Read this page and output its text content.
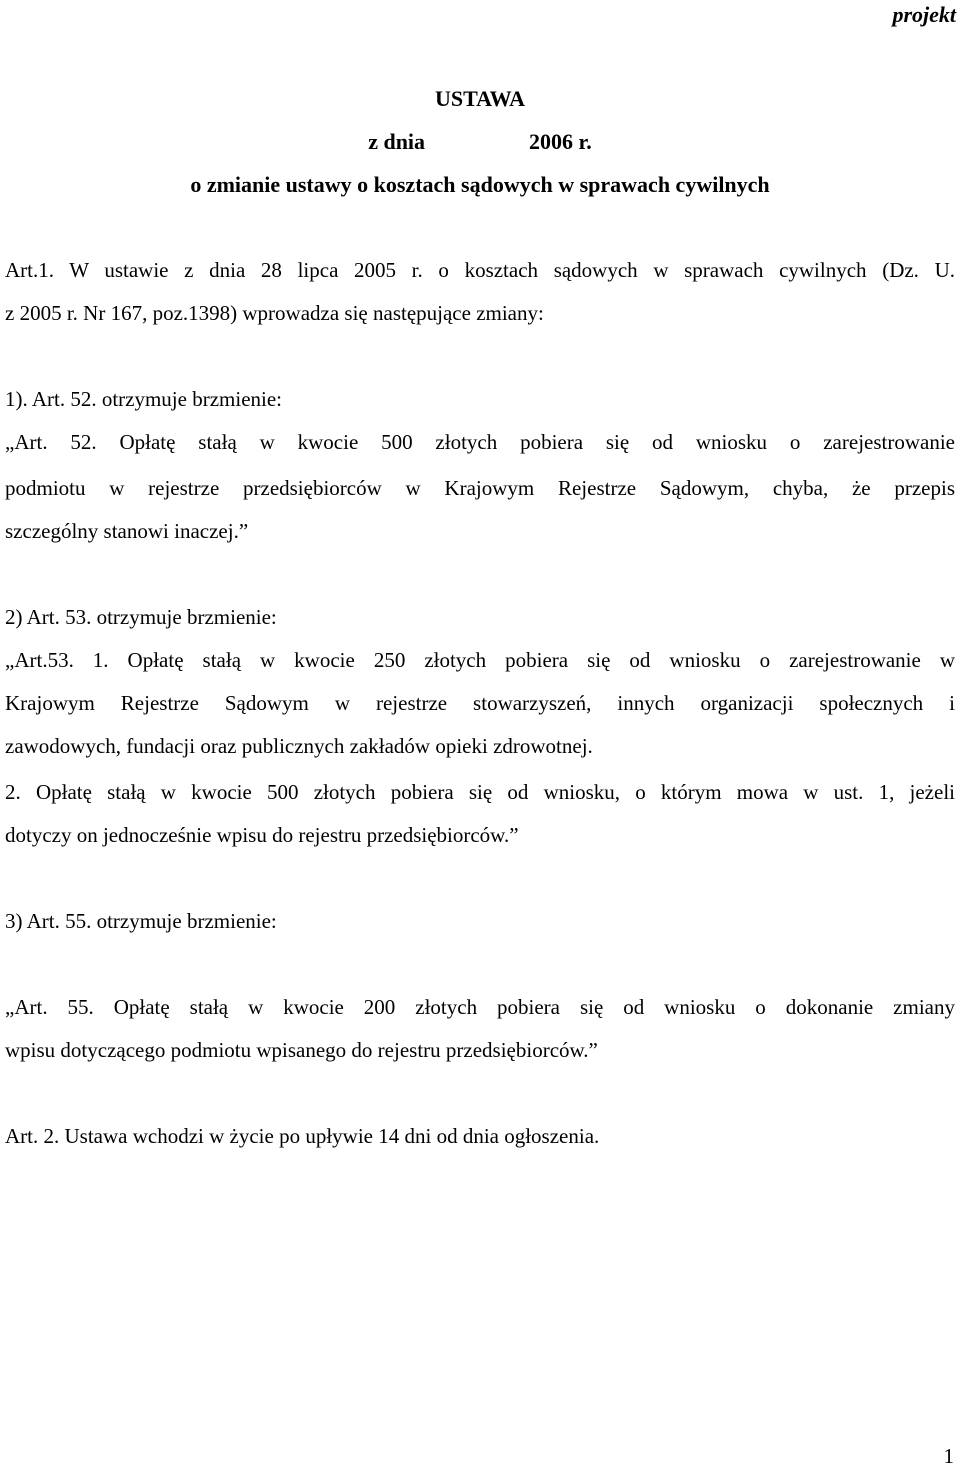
projekt
USTAWA
z dnia	2006 r.
o zmianie ustawy o kosztach sądowych w sprawach cywilnych
Art.1. W ustawie z dnia 28 lipca 2005 r. o kosztach sądowych w sprawach cywilnych (Dz. U.
z 2005 r. Nr 167, poz.1398) wprowadza się następujące zmiany:
1). Art. 52. otrzymuje brzmienie:
„Art. 52. Opłatę stałą w kwocie 500 złotych pobiera się od wniosku o zarejestrowanie
podmiotu w rejestrze przedsiębiorców w Krajowym Rejestrze Sądowym, chyba, że przepis
szczególny stanowi inaczej.”
2) Art. 53. otrzymuje brzmienie:
„Art.53. 1. Opłatę stałą w kwocie 250 złotych pobiera się od wniosku o zarejestrowanie w
Krajowym Rejestrze Sądowym w rejestrze stowarzyszeń, innych organizacji społecznych i
zawodowych, fundacji oraz publicznych zakładów opieki zdrowotnej.
2. Opłatę stałą w kwocie 500 złotych pobiera się od wniosku, o którym mowa w ust. 1, jeżeli
dotyczy on jednocześnie wpisu do rejestru przedsiębiorców.”
3) Art. 55. otrzymuje brzmienie:
„Art. 55. Opłatę stałą w kwocie 200 złotych pobiera się od wniosku o dokonanie zmiany
wpisu dotyczącego podmiotu wpisanego do rejestru przedsiębiorców.”
Art. 2. Ustawa wchodzi w życie po upływie 14 dni od dnia ogłoszenia.
1
